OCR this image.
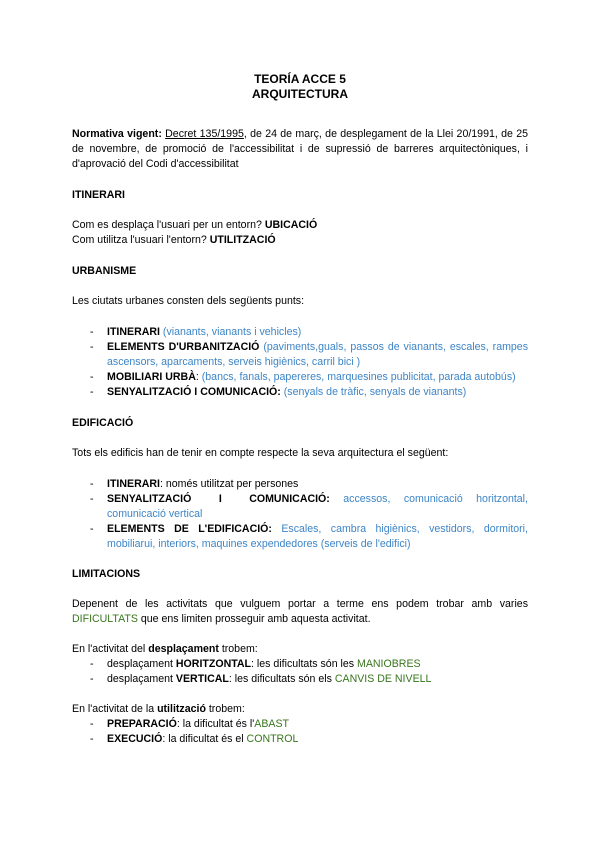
TEORÍA ACCE 5
ARQUITECTURA

Normativa vigent: Decret 135/1995, de 24 de març, de desplegament de la Llei 20/1991, de 25 de novembre, de promoció de l'accessibilitat i de supressió de barreres arquitectòniques, i d'aprovació del Codi d'accessibilitat

ITINERARI

Com es desplaça l'usuari per un entorn? UBICACIÓ

Com utilitza l'usuari l'entorn? UTILITZACIÓ

URBANISME

Les ciutats urbanes consten dels següents punts:

- ITINERARI (vianants, vianants i vehicles)
- ELEMENTS D'URBANITZACIÓ (paviments,guals, passos de vianants, escales, rampes ascensors, aparcaments, serveis higiènics, carril bici )
- MOBILIARI URBÀ: (bancs, fanals, papereres, marquesines publicitat, parada autobús)
- SENYALITZACIÓ I COMUNICACIÓ: (senyals de tràfic, senyals de vianants)

EDIFICACIÓ

Tots els edificis han de tenir en compte respecte la seva arquitectura el següent:

- ITINERARI: només utilitzat per persones
- SENYALITZACIÓ I COMUNICACIÓ: accessos, comunicació horitzontal, comunicació vertical
- ELEMENTS DE L'EDIFICACIÓ: Escales, cambra higiènics, vestidors, dormitori, mobiliarui, interiors, maquines expendedores (serveis de l'edifici)

LIMITACIONS

Depenent de les activitats que vulguem portar a terme ens podem trobar amb varies DIFICULTATS que ens limiten prosseguir amb aquesta activitat.

En l'activitat del desplaçament trobem:

- desplaçament HORITZONTAL: les dificultats són les MANIOBRES
- desplaçament VERTICAL: les dificultats són els CANVIS DE NIVELL

En l'activitat de la utilització trobem:

- PREPARACIÓ: la dificultat és l'ABAST
- EXECUCIÓ: la dificultat és el CONTROL
